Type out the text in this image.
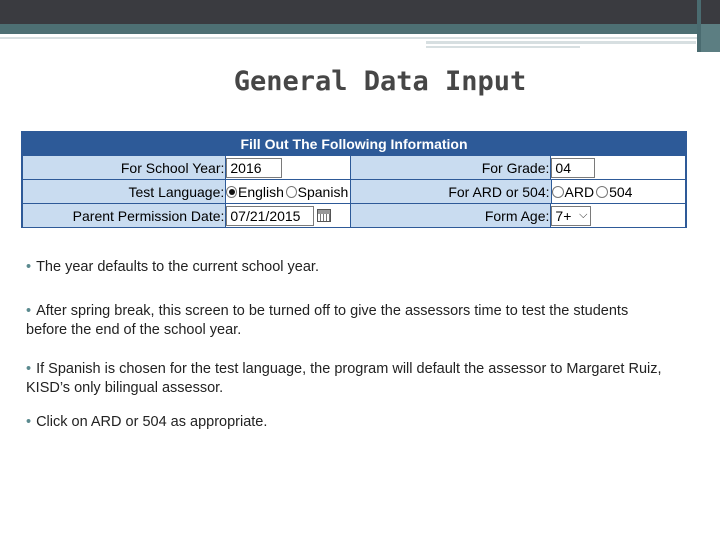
General Data Input
Fill Out The Following Information
For School Year: 2016	For Grade: 04
Test Language: English Spanish	For ARD or 504: ARD 504
Parent Permission Date: 07/21/2015	Form Age: 7+ ⌵
• The year defaults to the current school year.
• After spring break, this screen to be turned off to give the assessors time to test the students before the end of the school year.
• If Spanish is chosen for the test language, the program will default the assessor to Margaret Ruiz, KISD’s only bilingual assessor.
• Click on ARD or 504 as appropriate.
